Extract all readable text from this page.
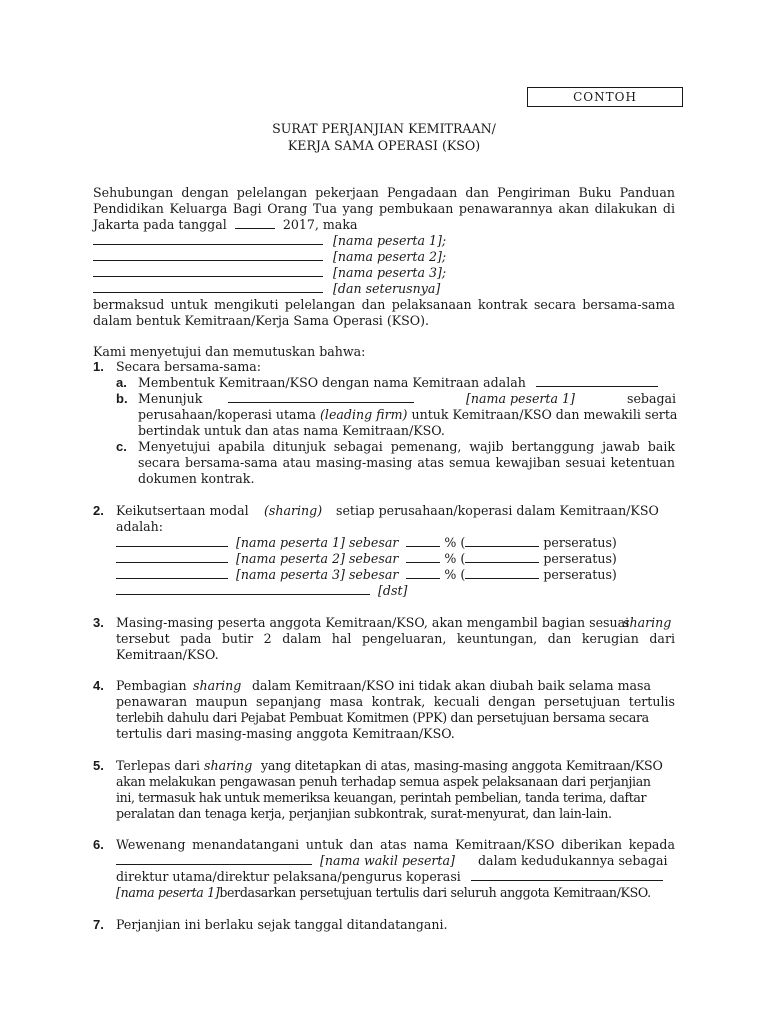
CONTOH
SURAT PERJANJIAN KEMITRAAN/
KERJA SAMA OPERASI (KSO)
Sehubungan dengan pelelangan pekerjaan Pengadaan dan Pengiriman Buku Panduan
Pendidikan Keluarga Bagi Orang Tua yang pembukaan penawarannya akan dilakukan di
Jakarta pada tanggal	2017, maka
[nama peserta 1];
[nama peserta 2];
[nama peserta 3];
[dan seterusnya]
bermaksud untuk mengikuti pelelangan dan pelaksanaan kontrak secara bersama-sama
dalam bentuk Kemitraan/Kerja Sama Operasi (KSO).
Kami menyetujui dan memutuskan bahwa:
1. Secara bersama-sama:
a. Membentuk Kemitraan/KSO dengan nama Kemitraan adalah
b. Menunjuk	[nama peserta 1]	sebagai
perusahaan/koperasi utama (leading firm) untuk Kemitraan/KSO dan mewakili serta
bertindak untuk dan atas nama Kemitraan/KSO.
c. Menyetujui apabila ditunjuk sebagai pemenang, wajib bertanggung jawab baik
secara bersama-sama atau masing-masing atas semua kewajiban sesuai ketentuan
dokumen kontrak.
2. Keikutsertaan modal (sharing) setiap perusahaan/koperasi dalam Kemitraan/KSO
adalah:
[nama peserta 1] sebesar	% (	perseratus)
[nama peserta 2] sebesar	% (	perseratus)
[nama peserta 3] sebesar	% (	perseratus)
[dst]
3. Masing-masing peserta anggota Kemitraan/KSO, akan mengambil bagian sesuai
sharing
tersebut pada butir 2 dalam hal pengeluaran, keuntungan, dan kerugian dari
Kemitraan/KSO.
4. Pembagian sharing dalam Kemitraan/KSO ini tidak akan diubah baik selama masa
penawaran maupun sepanjang masa kontrak, kecuali dengan persetujuan tertulis
terlebih dahulu dari Pejabat Pembuat Komitmen (PPK) dan persetujuan bersama secara
tertulis dari masing-masing anggota Kemitraan/KSO.
5. Terlepas dari sharing yang ditetapkan di atas, masing-masing anggota Kemitraan/KSO
akan melakukan pengawasan penuh terhadap semua aspek pelaksanaan dari perjanjian
ini, termasuk hak untuk memeriksa keuangan, perintah pembelian, tanda terima, daftar
peralatan dan tenaga kerja, perjanjian subkontrak, surat-menyurat, dan lain-lain.
6. Wewenang menandatangani untuk dan atas nama Kemitraan/KSO diberikan kepada
[nama wakil peserta] dalam kedudukannya sebagai
direktur utama/direktur pelaksana/pengurus koperasi
[nama peserta 1]berdasarkan persetujuan tertulis dari seluruh anggota Kemitraan/KSO.
7. Perjanjian ini berlaku sejak tanggal ditandatangani.
